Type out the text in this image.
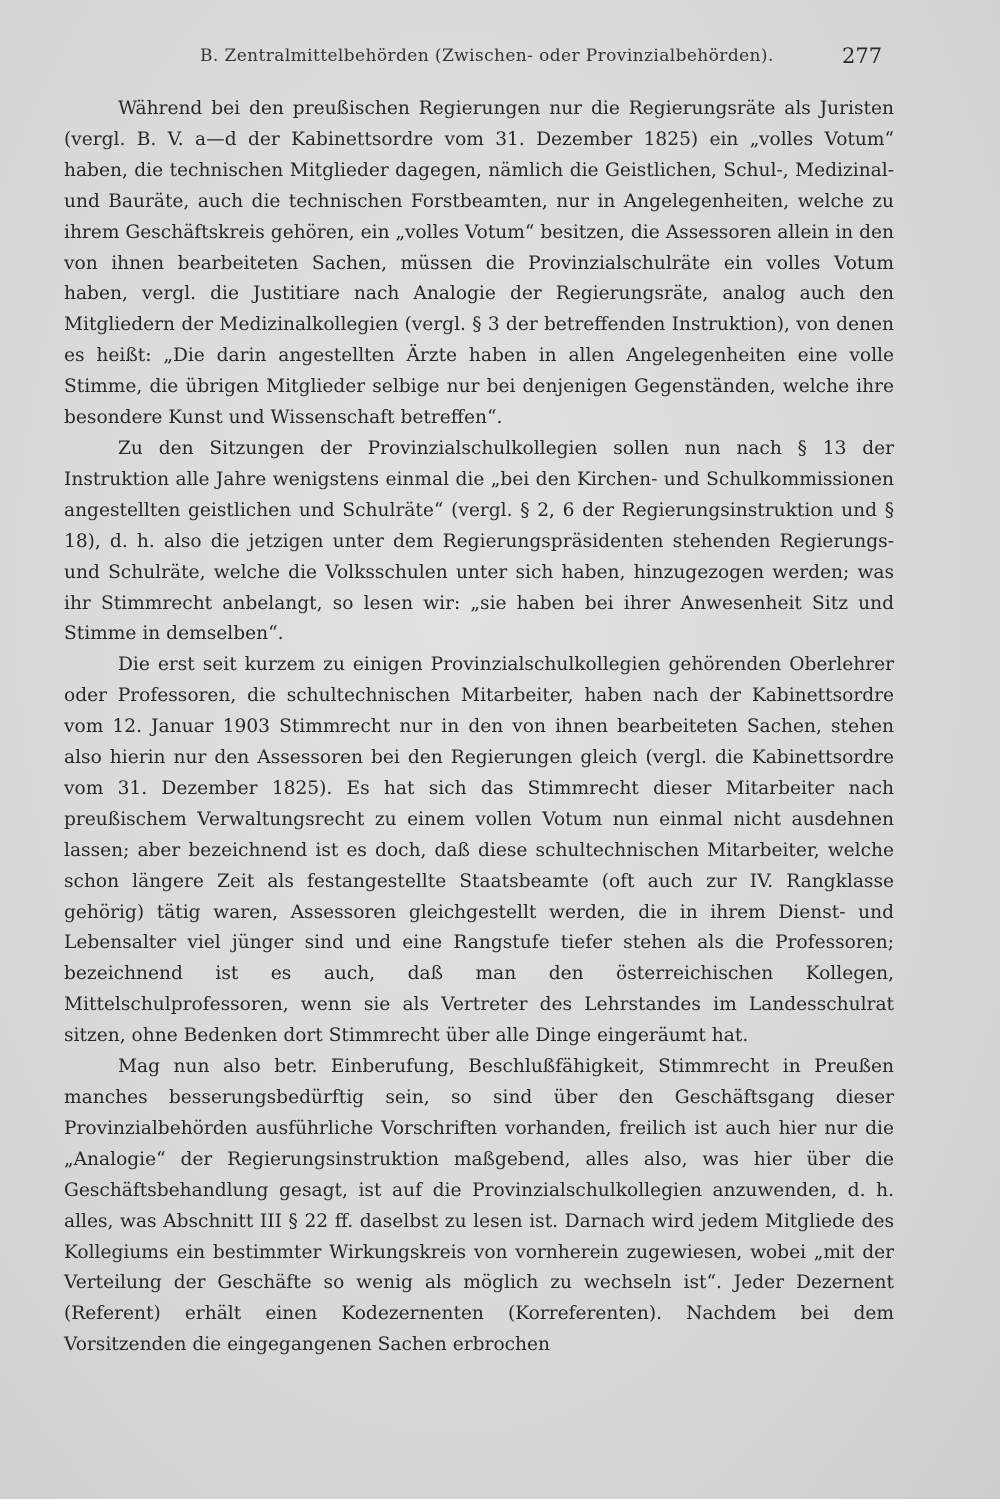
B. Zentralmittelbehörden (Zwischen- oder Provinzialbehörden).	277

Während bei den preußischen Regierungen nur die Regierungsräte als Juristen (vergl. B. V. a—d der Kabinettsordre vom 31. Dezember 1825) ein „volles Votum“ haben, die technischen Mitglieder dagegen, nämlich die Geistlichen, Schul-, Medizinal- und Bauräte, auch die technischen Forstbeamten, nur in Angelegenheiten, welche zu ihrem Geschäftskreis gehören, ein „volles Votum“ besitzen, die Assessoren allein in den von ihnen bearbeiteten Sachen, müssen die Provinzialschulräte ein volles Votum haben, vergl. die Justitiare nach Analogie der Regierungsräte, analog auch den Mitgliedern der Medizinalkollegien (vergl. § 3 der betreffenden Instruktion), von denen es heißt: „Die darin angestellten Ärzte haben in allen Angelegenheiten eine volle Stimme, die übrigen Mitglieder selbige nur bei denjenigen Gegenständen, welche ihre besondere Kunst und Wissenschaft betreffen“.

Zu den Sitzungen der Provinzialschulkollegien sollen nun nach § 13 der Instruktion alle Jahre wenigstens einmal die „bei den Kirchen- und Schulkommissionen angestellten geistlichen und Schulräte“ (vergl. § 2, 6 der Regierungsinstruktion und § 18), d. h. also die jetzigen unter dem Regierungspräsidenten stehenden Regierungs- und Schulräte, welche die Volksschulen unter sich haben, hinzugezogen werden; was ihr Stimmrecht anbelangt, so lesen wir: „sie haben bei ihrer Anwesenheit Sitz und Stimme in demselben“.

Die erst seit kurzem zu einigen Provinzialschulkollegien gehörenden Oberlehrer oder Professoren, die schultechnischen Mitarbeiter, haben nach der Kabinettsordre vom 12. Januar 1903 Stimmrecht nur in den von ihnen bearbeiteten Sachen, stehen also hierin nur den Assessoren bei den Regierungen gleich (vergl. die Kabinettsordre vom 31. Dezember 1825). Es hat sich das Stimmrecht dieser Mitarbeiter nach preußischem Verwaltungsrecht zu einem vollen Votum nun einmal nicht ausdehnen lassen; aber bezeichnend ist es doch, daß diese schultechnischen Mitarbeiter, welche schon längere Zeit als festangestellte Staatsbeamte (oft auch zur IV. Rangklasse gehörig) tätig waren, Assessoren gleichgestellt werden, die in ihrem Dienst- und Lebensalter viel jünger sind und eine Rangstufe tiefer stehen als die Professoren; bezeichnend ist es auch, daß man den österreichischen Kollegen, Mittelschulprofessoren, wenn sie als Vertreter des Lehrstandes im Landesschulrat sitzen, ohne Bedenken dort Stimmrecht über alle Dinge eingeräumt hat.

Mag nun also betr. Einberufung, Beschlußfähigkeit, Stimmrecht in Preußen manches besserungsbedürftig sein, so sind über den Geschäftsgang dieser Provinzialbehörden ausführliche Vorschriften vorhanden, freilich ist auch hier nur die „Analogie“ der Regierungsinstruktion maßgebend, alles also, was hier über die Geschäftsbehandlung gesagt, ist auf die Provinzialschulkollegien anzuwenden, d. h. alles, was Abschnitt III § 22 ff. daselbst zu lesen ist. Darnach wird jedem Mitgliede des Kollegiums ein bestimmter Wirkungskreis von vornherein zugewiesen, wobei „mit der Verteilung der Geschäfte so wenig als möglich zu wechseln ist“. Jeder Dezernent (Referent) erhält einen Kodezernenten (Korreferenten). Nachdem bei dem Vorsitzenden die eingegangenen Sachen erbrochen
